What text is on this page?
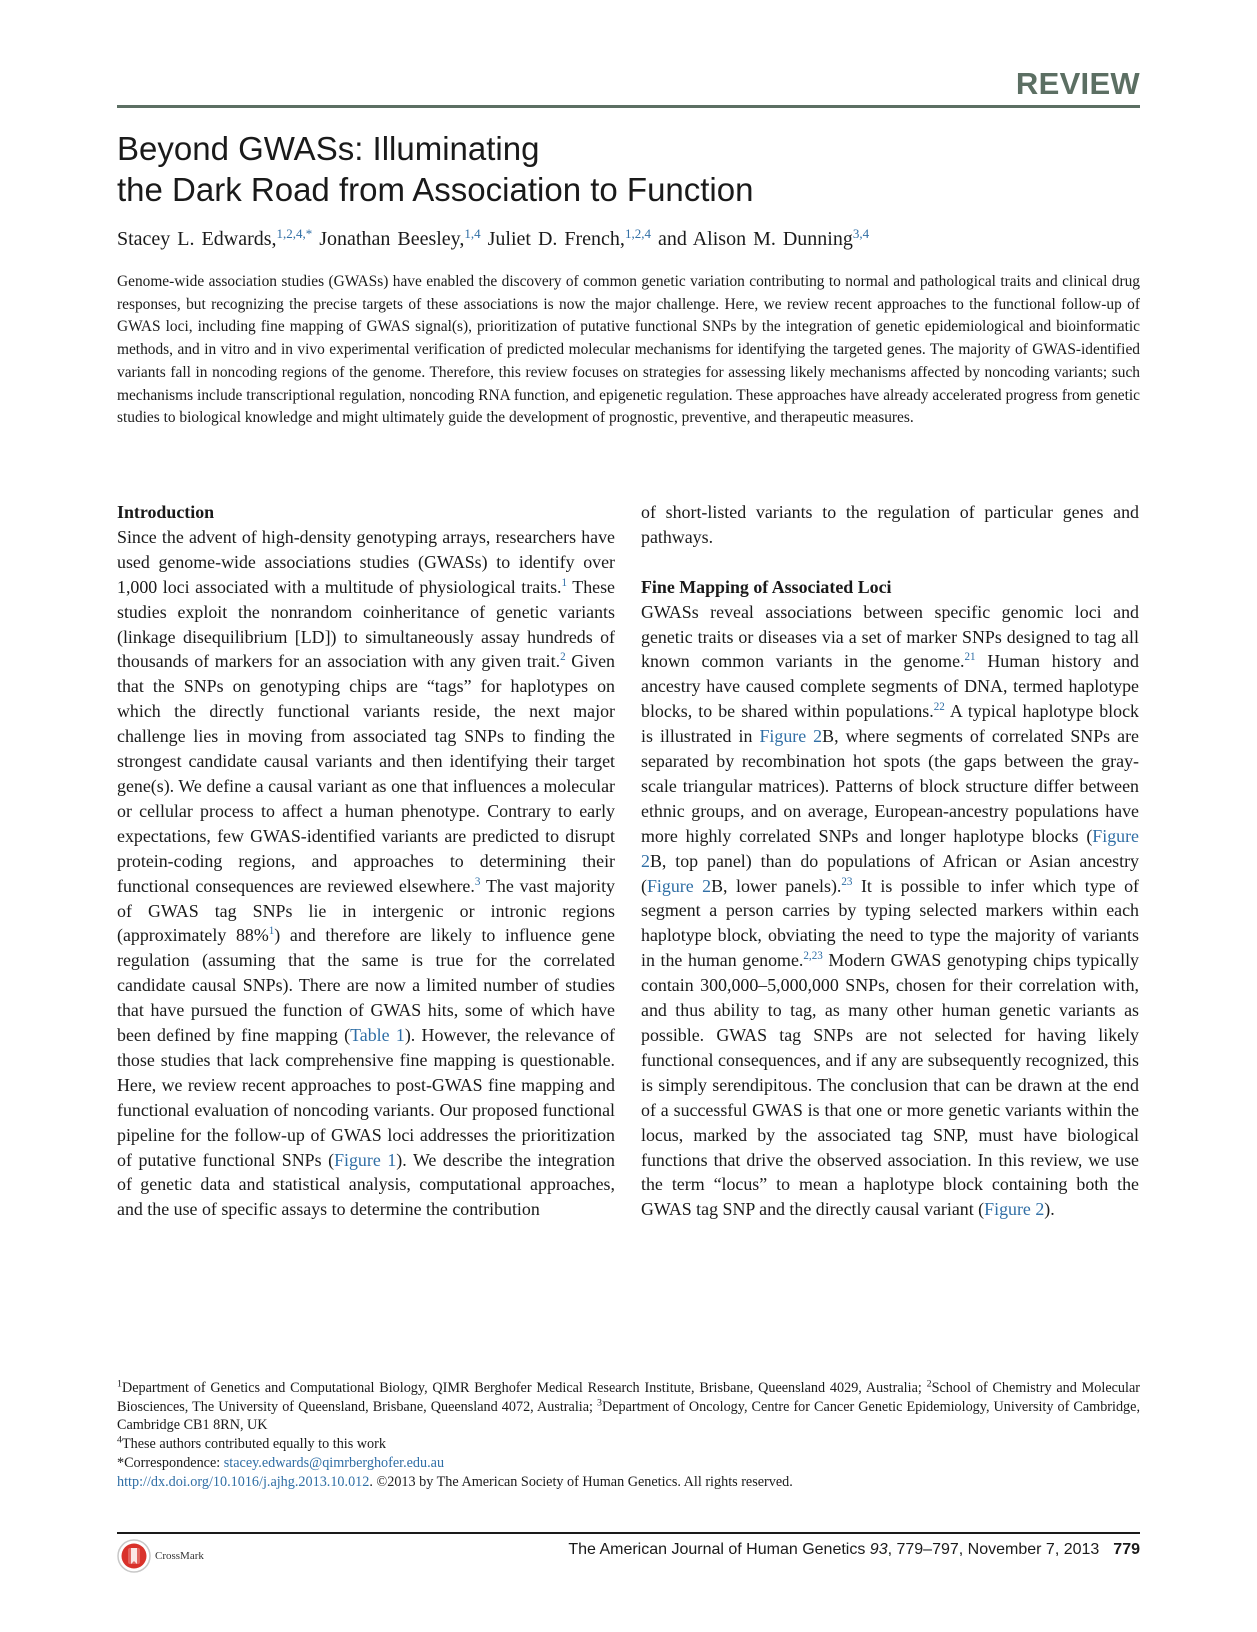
REVIEW
Beyond GWASs: Illuminating
the Dark Road from Association to Function
Stacey L. Edwards,$^{1,2,4,*}$ Jonathan Beesley,$^{1,4}$ Juliet D. French,$^{1,2,4}$ and Alison M. Dunning$^{3,4}$

Genome-wide association studies (GWASs) have enabled the discovery of common genetic variation contributing to normal and pathological traits and clinical drug responses, but recognizing the precise targets of these associations is now the major challenge. Here, we review recent approaches to the functional follow-up of GWAS loci, including fine mapping of GWAS signal(s), prioritization of putative functional SNPs by the integration of genetic epidemiological and bioinformatic methods, and in vitro and in vivo experimental verification of predicted molecular mechanisms for identifying the targeted genes. The majority of GWAS-identified variants fall in noncoding regions of the genome. Therefore, this review focuses on strategies for assessing likely mechanisms affected by noncoding variants; such mechanisms include transcriptional regulation, noncoding RNA function, and epigenetic regulation. These approaches have already accelerated progress from genetic studies to biological knowledge and might ultimately guide the development of prognostic, preventive, and therapeutic measures.

Introduction

Since the advent of high-density genotyping arrays, researchers have used genome-wide associations studies (GWASs) to identify over 1,000 loci associated with a multitude of physiological traits.$^1$ These studies exploit the nonrandom coinheritance of genetic variants (linkage disequilibrium [LD]) to simultaneously assay hundreds of thousands of markers for an association with any given trait.$^2$ Given that the SNPs on genotyping chips are “tags” for haplotypes on which the directly functional variants reside, the next major challenge lies in moving from associated tag SNPs to finding the strongest candidate causal variants and then identifying their target gene(s). We define a causal variant as one that influences a molecular or cellular process to affect a human phenotype. Contrary to early expectations, few GWAS-identified variants are predicted to disrupt protein-coding regions, and approaches to determining their functional consequences are reviewed elsewhere.$^3$ The vast majority of GWAS tag SNPs lie in intergenic or intronic regions (approximately 88%$^1$) and therefore are likely to influence gene regulation (assuming that the same is true for the correlated candidate causal SNPs). There are now a limited number of studies that have pursued the function of GWAS hits, some of which have been defined by fine mapping (Table 1). However, the relevance of those studies that lack comprehensive fine mapping is questionable. Here, we review recent approaches to post-GWAS fine mapping and functional evaluation of noncoding variants. Our proposed functional pipeline for the follow-up of GWAS loci addresses the prioritization of putative functional SNPs (Figure 1). We describe the integration of genetic data and statistical analysis, computational approaches, and the use of specific assays to determine the contribution

of short-listed variants to the regulation of particular genes and pathways.

Fine Mapping of Associated Loci

GWASs reveal associations between specific genomic loci and genetic traits or diseases via a set of marker SNPs designed to tag all known common variants in the genome.$^{21}$ Human history and ancestry have caused complete segments of DNA, termed haplotype blocks, to be shared within populations.$^{22}$ A typical haplotype block is illustrated in Figure 2B, where segments of correlated SNPs are separated by recombination hot spots (the gaps between the gray-scale triangular matrices). Patterns of block structure differ between ethnic groups, and on average, European-ancestry populations have more highly correlated SNPs and longer haplotype blocks (Figure 2B, top panel) than do populations of African or Asian ancestry (Figure 2B, lower panels).$^{23}$ It is possible to infer which type of segment a person carries by typing selected markers within each haplotype block, obviating the need to type the majority of variants in the human genome.$^{2,23}$ Modern GWAS genotyping chips typically contain 300,000–5,000,000 SNPs, chosen for their correlation with, and thus ability to tag, as many other human genetic variants as possible. GWAS tag SNPs are not selected for having likely functional consequences, and if any are subsequently recognized, this is simply serendipitous. The conclusion that can be drawn at the end of a successful GWAS is that one or more genetic variants within the locus, marked by the associated tag SNP, must have biological functions that drive the observed association. In this review, we use the term “locus” to mean a haplotype block containing both the GWAS tag SNP and the directly causal variant (Figure 2).

$^1$Department of Genetics and Computational Biology, QIMR Berghofer Medical Research Institute, Brisbane, Queensland 4029, Australia; $^2$School of Chemistry and Molecular Biosciences, The University of Queensland, Brisbane, Queensland 4072, Australia; $^3$Department of Oncology, Centre for Cancer Genetic Epidemiology, University of Cambridge, Cambridge CB1 8RN, UK

$^4$These authors contributed equally to this work

*Correspondence: stacey.edwards@qimrberghofer.edu.au

http://dx.doi.org/10.1016/j.ajhg.2013.10.012. ©2013 by The American Society of Human Genetics. All rights reserved.

CrossMark	The American Journal of Human Genetics 93, 779–797, November 7, 2013 779
